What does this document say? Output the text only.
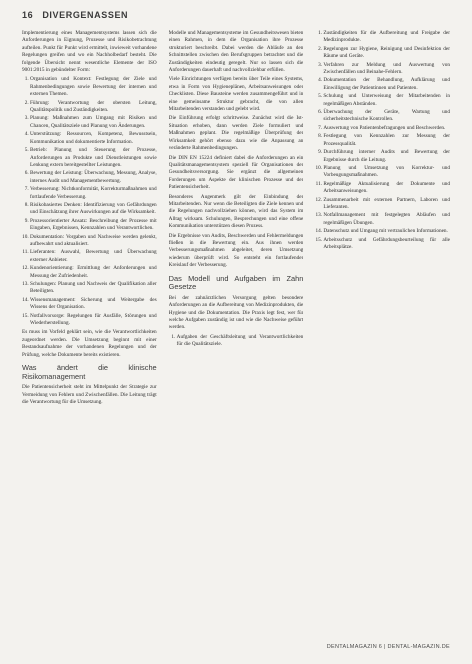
16 DIVERGENASSEN

Implementierung eines Managementsystems lassen sich die Anforderungen in Eignung, Prozesse und Risikobetrachtung aufteilen. Punkt für Punkt wird ermittelt, inwieweit vorhandene Regelungen greifen und wo ein Nachholbedarf besteht. Die folgende Übersicht nennt wesentliche Elemente der ISO 9001:2015 in gebündelter Form:

1. Organisation und Kontext: Festlegung der Ziele und Rahmenbedingungen sowie Bewertung der internen und externen Themen.
2. Führung: Verantwortung der obersten Leitung, Qualitätspolitik und Zuständigkeiten.
3. Planung: Maßnahmen zum Umgang mit Risiken und Chancen, Qualitätsziele und Planung von Änderungen.
4. Unterstützung: Ressourcen, Kompetenz, Bewusstsein, Kommunikation und dokumentierte Information.
5. Betrieb: Planung und Steuerung der Prozesse, Anforderungen an Produkte und Dienstleistungen sowie Lenkung extern bereitgestellter Leistungen.
6. Bewertung der Leistung: Überwachung, Messung, Analyse, internes Audit und Managementbewertung.
7. Verbesserung: Nichtkonformität, Korrekturmaßnahmen und fortlaufende Verbesserung.
8. Risikobasiertes Denken: Identifizierung von Gefährdungen und Einschätzung ihrer Auswirkungen auf die Wirksamkeit.
9. Prozessorientierter Ansatz: Beschreibung der Prozesse mit Eingaben, Ergebnissen, Kennzahlen und Verantwortlichen.
10. Dokumentation: Vorgaben und Nachweise werden gelenkt, aufbewahrt und aktualisiert.
11. Lieferanten: Auswahl, Bewertung und Überwachung externer Anbieter.
12. Kundenorientierung: Ermittlung der Anforderungen und Messung der Zufriedenheit.
13. Schulungen: Planung und Nachweis der Qualifikation aller Beteiligten.
14. Wissensmanagement: Sicherung und Weitergabe des Wissens der Organisation.
15. Notfallvorsorge: Regelungen für Ausfälle, Störungen und Wiederherstellung.

Es muss im Vorfeld geklärt sein, wie die Verantwortlichkeiten zugeordnet werden. Die Umsetzung beginnt mit einer Bestandsaufnahme der vorhandenen Regelungen und der Prüfung, welche Dokumente bereits existieren.

Was ändert die klinische Risikomanagement

Die Patientensicherheit steht im Mittelpunkt der Strategie zur Vermeidung von Fehlern und Zwischenfällen. Die Leitung trägt die Verantwortung für die Umsetzung.

Modelle und Managementsysteme im Gesundheitswesen bieten einen Rahmen, in dem die Organisation ihre Prozesse strukturiert beschreibt. Dabei werden die Abläufe an den Schnittstellen zwischen den Berufsgruppen betrachtet und die Zuständigkeiten eindeutig geregelt. Nur so lassen sich die Anforderungen dauerhaft und nachvollziehbar erfüllen.

Viele Einrichtungen verfügen bereits über Teile eines Systems, etwa in Form von Hygieneplänen, Arbeitsanweisungen oder Checklisten. Diese Bausteine werden zusammengeführt und in eine gemeinsame Struktur gebracht, die von allen Mitarbeitenden verstanden und gelebt wird.

Die Einführung erfolgt schrittweise. Zunächst wird die Ist-Situation erhoben, dann werden Ziele formuliert und Maßnahmen geplant. Die regelmäßige Überprüfung der Wirksamkeit gehört ebenso dazu wie die Anpassung an veränderte Rahmenbedingungen.

Die DIN EN 15224 definiert dabei die Anforderungen an ein Qualitätsmanagementsystem speziell für Organisationen der Gesundheitsversorgung. Sie ergänzt die allgemeinen Forderungen um Aspekte der klinischen Prozesse und der Patientensicherheit.

Besonderes Augenmerk gilt der Einbindung der Mitarbeitenden. Nur wenn die Beteiligten die Ziele kennen und die Regelungen nachvollziehen können, wird das System im Alltag wirksam. Schulungen, Besprechungen und eine offene Kommunikation unterstützen diesen Prozess.

Die Ergebnisse von Audits, Beschwerden und Fehlermeldungen fließen in die Bewertung ein. Aus ihnen werden Verbesserungsmaßnahmen abgeleitet, deren Umsetzung wiederum überprüft wird. So entsteht ein fortlaufender Kreislauf der Verbesserung.

Das Modell und Aufgaben im Zahn Gesetze

Bei der zahnärztlichen Versorgung gelten besondere Anforderungen an die Aufbereitung von Medizinprodukten, die Hygiene und die Dokumentation. Die Praxis legt fest, wer für welche Aufgaben zuständig ist und wie die Nachweise geführt werden.

1. Aufgaben der Geschäftsleitung und Verantwortlichkeiten für die Qualitätsziele.
1. Zuständigkeiten für die Aufbereitung und Freigabe der Medizinprodukte.
2. Regelungen zur Hygiene, Reinigung und Desinfektion der Räume und Geräte.
3. Verfahren zur Meldung und Auswertung von Zwischenfällen und Beinahe-Fehlern.
4. Dokumentation der Behandlung, Aufklärung und Einwilligung der Patientinnen und Patienten.
5. Schulung und Unterweisung der Mitarbeitenden in regelmäßigen Abständen.
6. Überwachung der Geräte, Wartung und sicherheitstechnische Kontrollen.
7. Auswertung von Patientenbefragungen und Beschwerden.
8. Festlegung von Kennzahlen zur Messung der Prozessqualität.
9. Durchführung interner Audits und Bewertung der Ergebnisse durch die Leitung.
10. Planung und Umsetzung von Korrektur- und Vorbeugungsmaßnahmen.
11. Regelmäßige Aktualisierung der Dokumente und Arbeitsanweisungen.
12. Zusammenarbeit mit externen Partnern, Laboren und Lieferanten.
13. Notfallmanagement mit festgelegten Abläufen und regelmäßigen Übungen.
14. Datenschutz und Umgang mit vertraulichen Informationen.
15. Arbeitsschutz und Gefährdungsbeurteilung für alle Arbeitsplätze.
DENTALMAGAZIN 6 | DENTAL-MAGAZIN.DE
